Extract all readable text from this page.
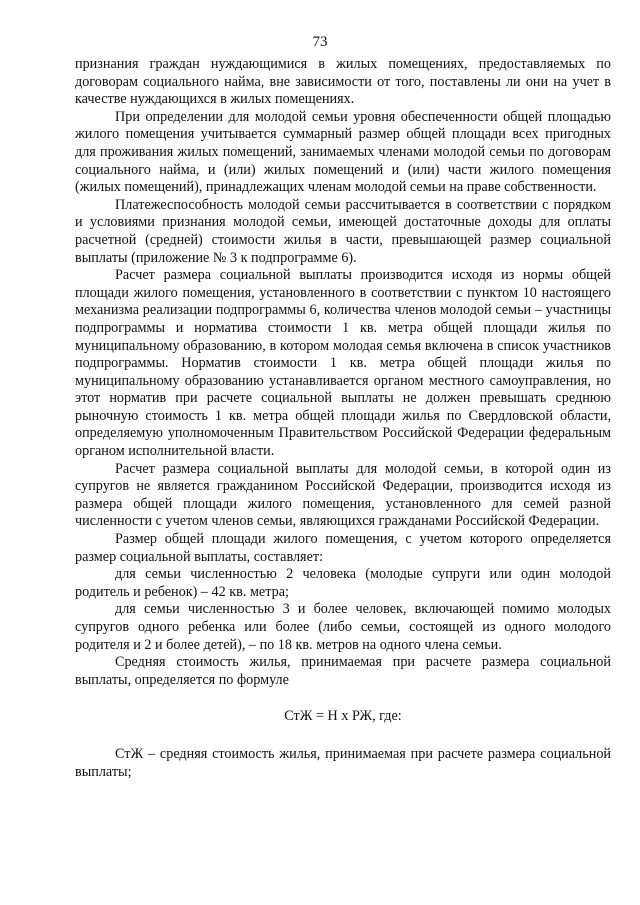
73

признания граждан нуждающимися в жилых помещениях, предоставляемых по договорам социального найма, вне зависимости от того, поставлены ли они на учет в качестве нуждающихся в жилых помещениях.

При определении для молодой семьи уровня обеспеченности общей площадью жилого помещения учитывается суммарный размер общей площади всех пригодных для проживания жилых помещений, занимаемых членами молодой семьи по договорам социального найма, и (или) жилых помещений и (или) части жилого помещения (жилых помещений), принадлежащих членам молодой семьи на праве собственности.

Платежеспособность молодой семьи рассчитывается в соответствии с порядком и условиями признания молодой семьи, имеющей достаточные доходы для оплаты расчетной (средней) стоимости жилья в части, превышающей размер социальной выплаты (приложение № 3 к подпрограмме 6).

Расчет размера социальной выплаты производится исходя из нормы общей площади жилого помещения, установленного в соответствии с пунктом 10 настоящего механизма реализации подпрограммы 6, количества членов молодой семьи – участницы подпрограммы и норматива стоимости 1 кв. метра общей площади жилья по муниципальному образованию, в котором молодая семья включена в список участников подпрограммы. Норматив стоимости 1 кв. метра общей площади жилья по муниципальному образованию устанавливается органом местного самоуправления, но этот норматив при расчете социальной выплаты не должен превышать среднюю рыночную стоимость 1 кв. метра общей площади жилья по Свердловской области, определяемую уполномоченным Правительством Российской Федерации федеральным органом исполнительной власти.

Расчет размера социальной выплаты для молодой семьи, в которой один из супругов не является гражданином Российской Федерации, производится исходя из размера общей площади жилого помещения, установленного для семей разной численности с учетом членов семьи, являющихся гражданами Российской Федерации.

Размер общей площади жилого помещения, с учетом которого определяется размер социальной выплаты, составляет:

для семьи численностью 2 человека (молодые супруги или один молодой родитель и ребенок) – 42 кв. метра;

для семьи численностью 3 и более человек, включающей помимо молодых супругов одного ребенка или более (либо семьи, состоящей из одного молодого родителя и 2 и более детей), – по 18 кв. метров на одного члена семьи.

Средняя стоимость жилья, принимаемая при расчете размера социальной выплаты, определяется по формуле

СтЖ = Н х РЖ, где:

СтЖ – средняя стоимость жилья, принимаемая при расчете размера социальной выплаты;
